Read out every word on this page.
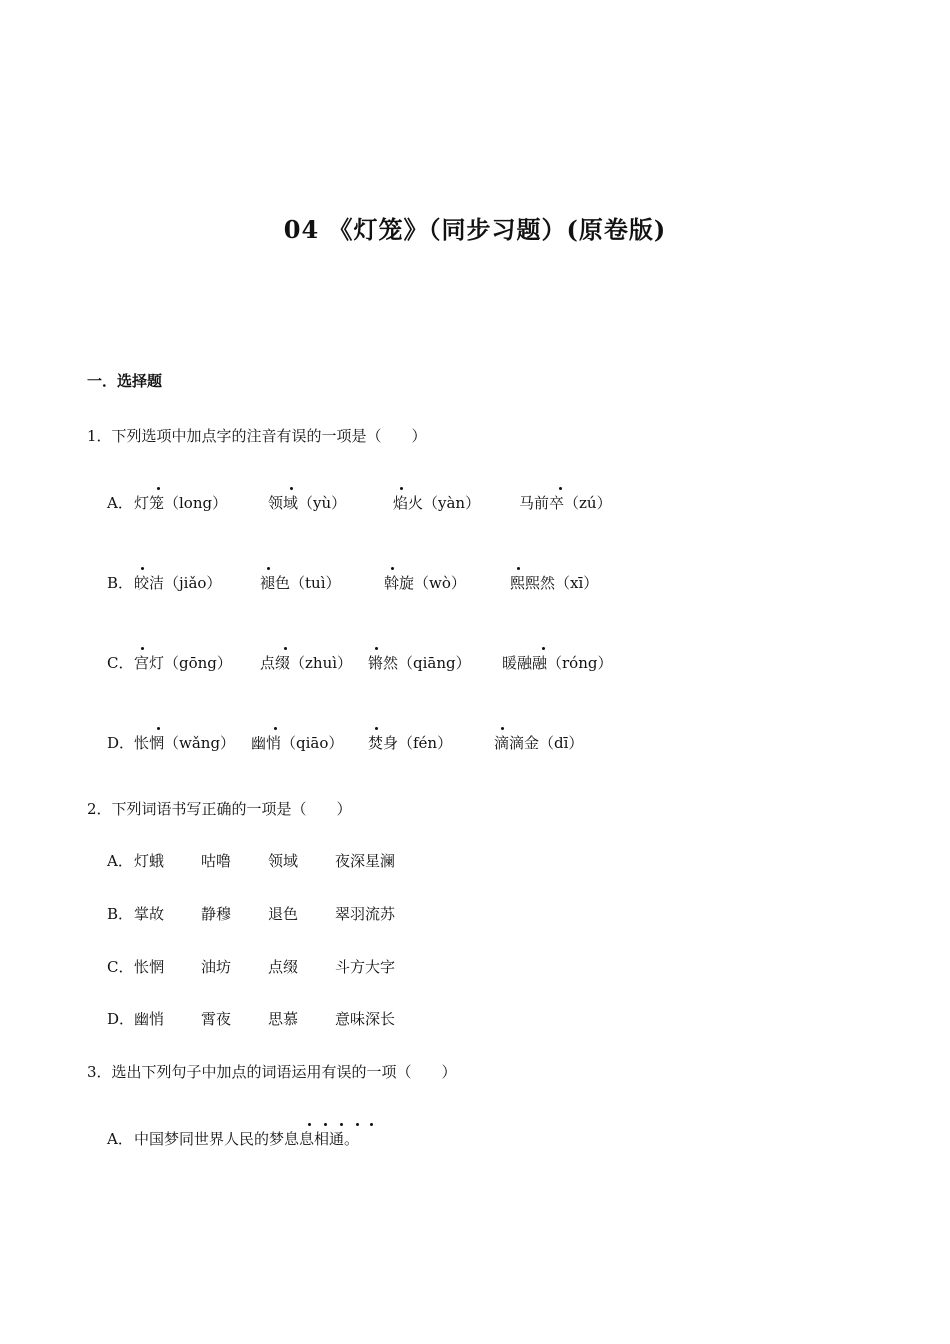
04 《灯笼》（同步习题）(原卷版)
一．选择题
1．下列选项中加点字的注音有误的一项是（　　）
A． 灯笼（long）	领域（yù）	焰火（yàn）	马前卒（zú）
B． 皎洁（jiǎo）	褪色（tuì）	斡旋（wò）	熙熙然（xī）
C． 宫灯（gōng） 点缀（zhuì） 锵然（qiāng） 暖融融（róng）
D． 怅惘（wǎng） 幽悄（qiāo） 焚身（fén）	滴滴金（dī）
2．下列词语书写正确的一项是（　　）
A． 灯蛾 咕噜 领域 夜深星澜
B． 掌故 静穆 退色 翠羽流苏
C． 怅惘 油坊 点缀 斗方大字
D． 幽悄 霄夜 思慕 意味深长
3．选出下列句子中加点的词语运用有误的一项（　　）
A． 中国梦同世界人民的梦息息相通。
